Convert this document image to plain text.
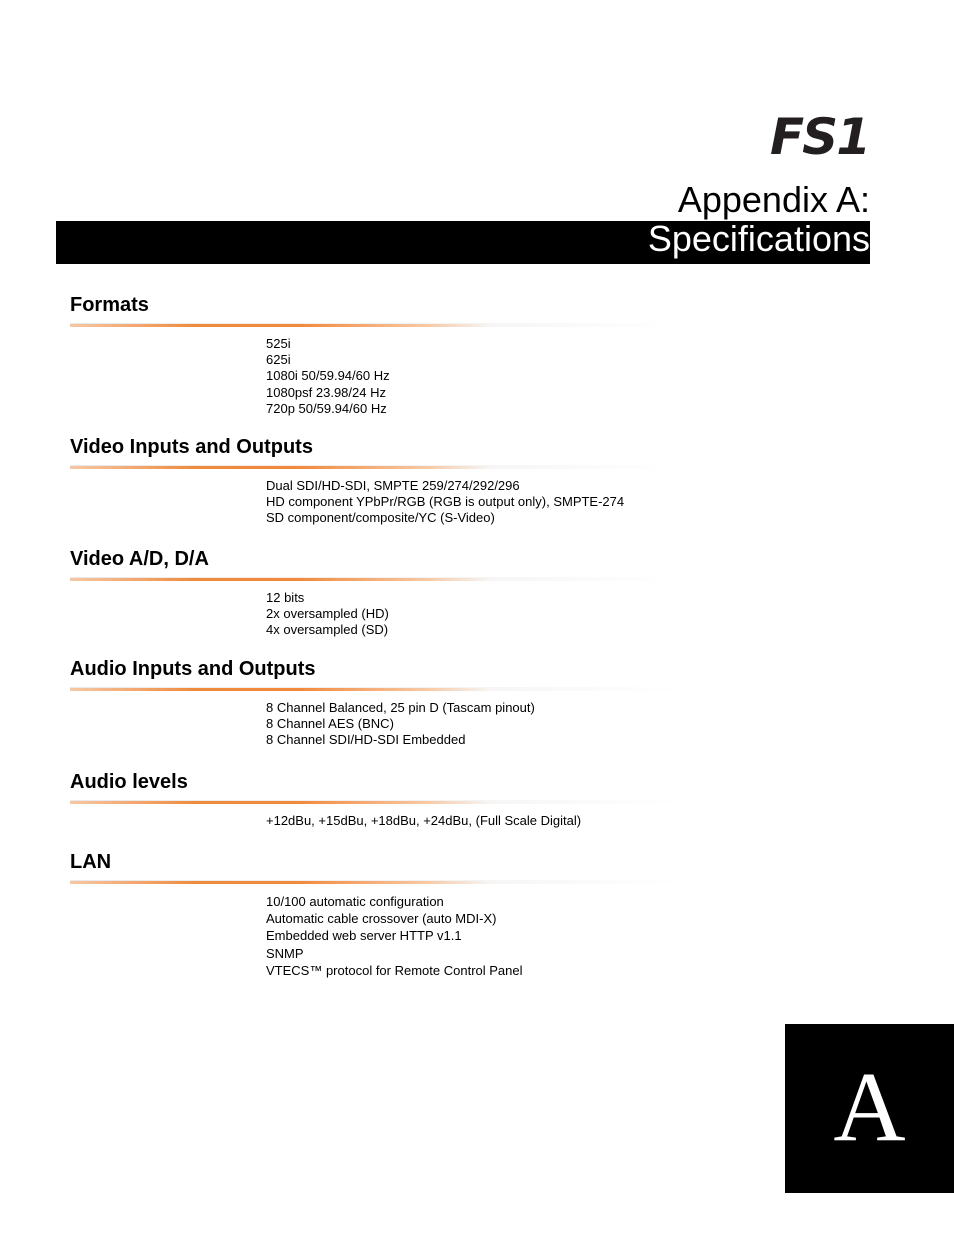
FS1
Appendix A:
Specifications
Formats
525i
625i
1080i 50/59.94/60 Hz
1080psf 23.98/24 Hz
720p 50/59.94/60 Hz
Video Inputs and Outputs
Dual SDI/HD-SDI, SMPTE 259/274/292/296
HD component YPbPr/RGB (RGB is output only), SMPTE-274
SD component/composite/YC (S-Video)
Video A/D, D/A
12 bits
2x oversampled (HD)
4x oversampled (SD)
Audio Inputs and Outputs
8 Channel Balanced, 25 pin D (Tascam pinout)
8 Channel AES (BNC)
8 Channel SDI/HD-SDI Embedded
Audio levels
+12dBu, +15dBu, +18dBu, +24dBu, (Full Scale Digital)
LAN
10/100 automatic configuration
Automatic cable crossover (auto MDI-X)
Embedded web server HTTP v1.1
SNMP
VTECS™ protocol for Remote Control Panel
A
